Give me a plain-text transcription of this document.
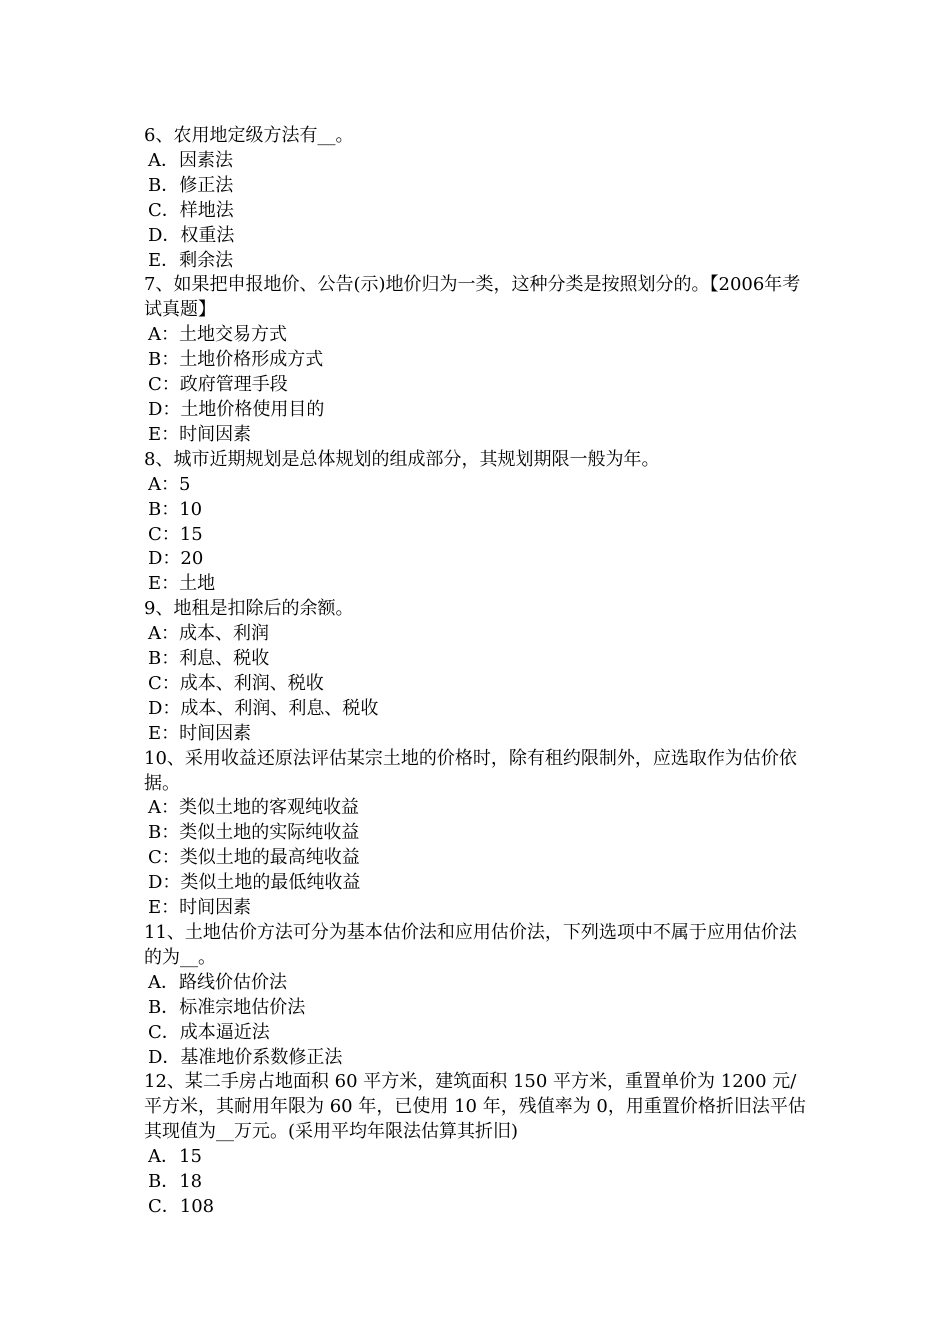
6、农用地定级方法有__。
A．因素法
B．修正法
C．样地法
D．权重法
E．剩余法
7、如果把申报地价、公告(示)地价归为一类，这种分类是按照划分的。【2006年考试真题】
A：土地交易方式
B：土地价格形成方式
C：政府管理手段
D：土地价格使用目的
E：时间因素
8、城市近期规划是总体规划的组成部分，其规划期限一般为年。
A：5
B：10
C：15
D：20
E：土地
9、地租是扣除后的余额。
A：成本、利润
B：利息、税收
C：成本、利润、税收
D：成本、利润、利息、税收
E：时间因素
10、采用收益还原法评估某宗土地的价格时，除有租约限制外，应选取作为估价依据。
A：类似土地的客观纯收益
B：类似土地的实际纯收益
C：类似土地的最高纯收益
D：类似土地的最低纯收益
E：时间因素
11、土地估价方法可分为基本估价法和应用估价法，下列选项中不属于应用估价法的为__。
A．路线价估价法
B．标准宗地估价法
C．成本逼近法
D．基准地价系数修正法
12、某二手房占地面积 60 平方米，建筑面积 150 平方米，重置单价为 1200 元/平方米，其耐用年限为 60 年，已使用 10 年，残值率为 0，用重置价格折旧法平估其现值为__万元。(采用平均年限法估算其折旧)
A．15
B．18
C．108
